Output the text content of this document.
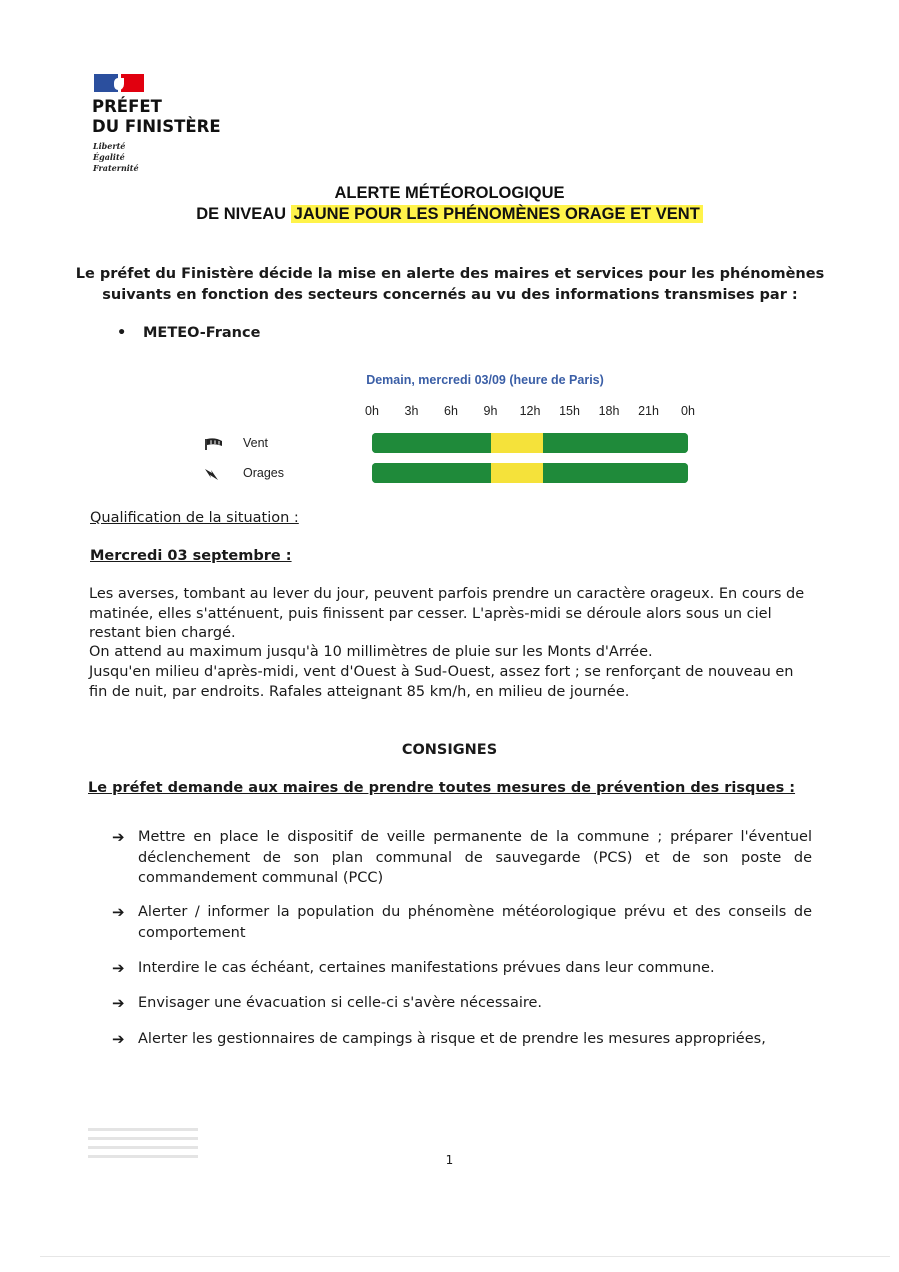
PRÉFET
DU FINISTÈRE
Liberté
Égalité
Fraternité
ALERTE MÉTÉOROLOGIQUE
DE NIVEAU JAUNE POUR LES PHÉNOMÈNES ORAGE ET VENT
Le préfet du Finistère décide la mise en alerte des maires et services pour les phénomènes suivants en fonction des secteurs concernés au vu des informations transmises par :
• METEO-France
Demain, mercredi 03/09 (heure de Paris)
0h	3h	6h	9h	12h	15h	18h	21h	0h
Vent
Orages
Qualification de la situation :
Mercredi 03 septembre :
Les averses, tombant au lever du jour, peuvent parfois prendre un caractère orageux. En cours de matinée, elles s'atténuent, puis finissent par cesser. L'après-midi se déroule alors sous un ciel restant bien chargé.
On attend au maximum jusqu'à 10 millimètres de pluie sur les Monts d'Arrée.
Jusqu'en milieu d'après-midi, vent d'Ouest à Sud-Ouest, assez fort ; se renforçant de nouveau en fin de nuit, par endroits. Rafales atteignant 85 km/h, en milieu de journée.
CONSIGNES
Le préfet demande aux maires de prendre toutes mesures de prévention des risques :
➔ Mettre en place le dispositif de veille permanente de la commune ; préparer l'éventuel déclenchement de son plan communal de sauvegarde (PCS) et de son poste de commandement communal (PCC)
➔ Alerter / informer la population du phénomène météorologique prévu et des conseils de comportement
➔ Interdire le cas échéant, certaines manifestations prévues dans leur commune.
➔ Envisager une évacuation si celle-ci s'avère nécessaire.
➔ Alerter les gestionnaires de campings à risque et de prendre les mesures appropriées,
1
